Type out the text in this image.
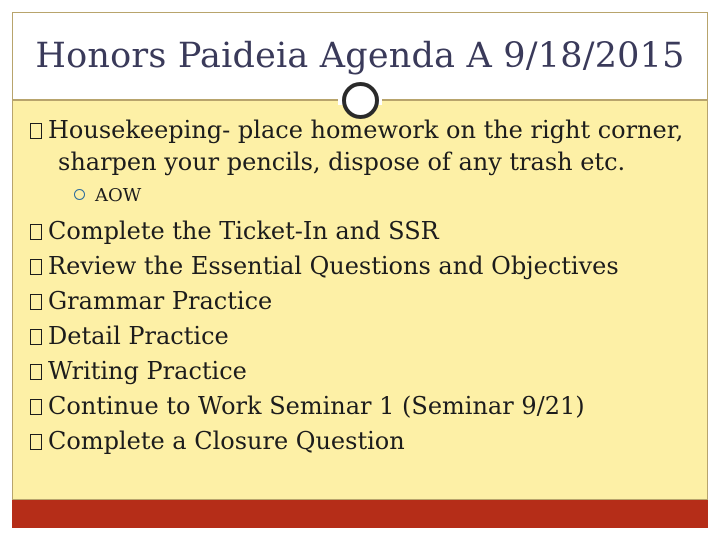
Honors Paideia Agenda A 9/18/2015
Housekeeping- place homework on the right corner,
sharpen your pencils, dispose of any trash etc.
AOW
Complete the Ticket-In and SSR
Review the Essential Questions and Objectives
Grammar Practice
Detail Practice
Writing Practice
Continue to Work Seminar 1 (Seminar 9/21)
Complete a Closure Question
